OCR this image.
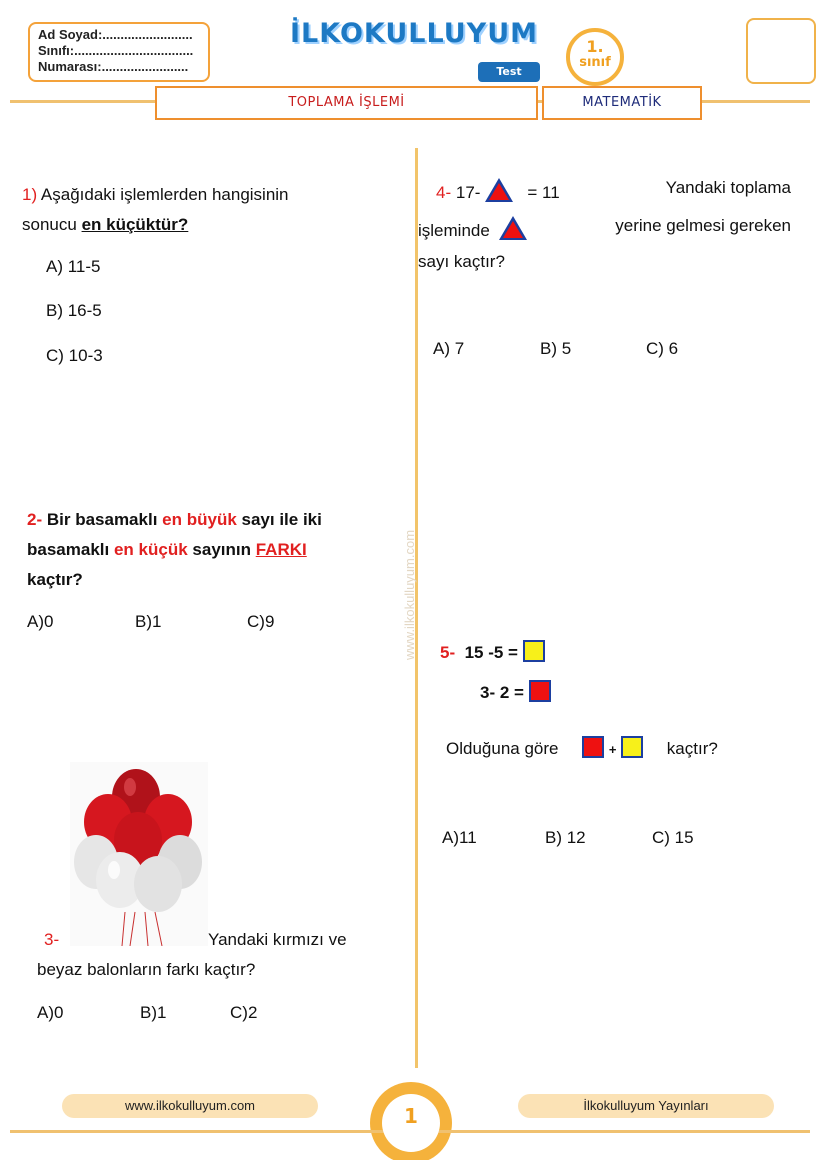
Ad Soyad:.........................
Sınıfı:.................................
Numarası:........................
İLKOKULLUYUM
Test
1.
sınıf
TOPLAMA İŞLEMİ	MATEMATİK
www.ilkokulluyum.com
1) Aşağıdaki işlemlerden hangisinin
sonucu en küçüktür?
A) 11-5
B) 16-5
C) 10-3
2- Bir basamaklı en büyük sayı ile iki
basamaklı en küçük sayının FARKI
kaçtır?
A)0	B)1	C)9
3-	Yandaki kırmızı ve
beyaz balonların farkı kaçtır?
A)0	B)1	C)2
4- 17-	= 11	Yandaki toplama
işleminde	yerine gelmesi gereken
sayı kaçtır?
A) 7	B) 5	C) 6
5- 15 -5 =
3- 2 =
Olduğuna göre	+	kaçtır?
A)11	B) 12	C) 15
1
www.ilkokulluyum.com	İlkokulluyum Yayınları
